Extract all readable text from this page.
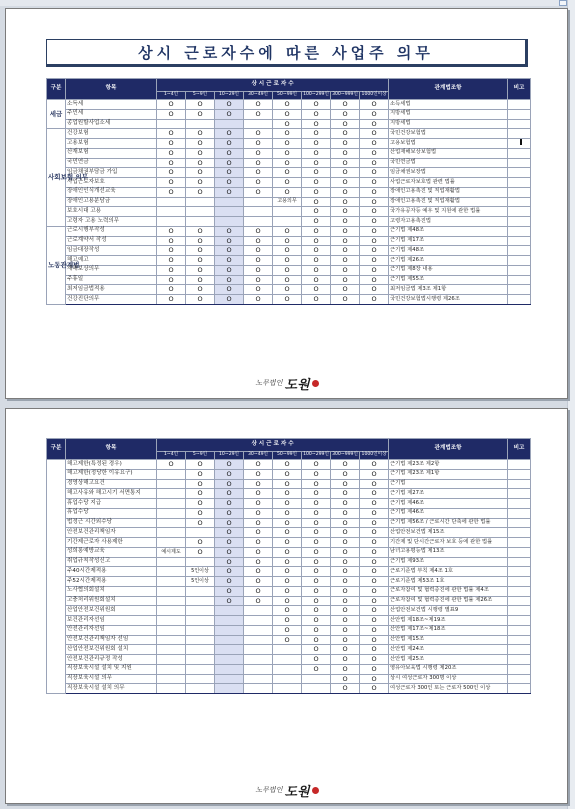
상시 근로자수에 따른 사업주 의무
구분	항목	상 시 근 로 자 수								관계법조항	비고
		1~4인	5~9인	10~29인	30~49인	50~99인	100~299인	300~999인	1000인이상		
세금	소득세	O	O	O	O	O	O	O	O	소득세법	
	주민세	O	O	O	O	O	O	O	O	지방세법	
	종업원할사업소세					O	O	O	O	지방세법	
사회보험 의무	건강보험	O	O	O	O	O	O	O	O	국민건강보험법	
	고용보험	O	O	O	O	O	O	O	O	고용보험법	
	산재보험	O	O	O	O	O	O	O	O	산업재해보상보험법	
	국민연금	O	O	O	O	O	O	O	O	국민연금법	
	임금채권부담금 가입	O	O	O	O	O	O	O	O	임금채권보장법	
	사업근로자보호	O	O	O	O	O	O	O	O	사업근로자보호법 관련 법률	
	장애인인식개선교육	O	O	O	O	O	O	O	O	장애인고용촉진 및 직업재활법	
	장애인고용분담금					고용의무	O	O	O	장애인고용촉진 및 직업재활법	
	보호시대 고용						O	O	O	국가유공자등 예우 및 지원에 관한 법률	
	고령자 고용 노력의무						O	O	O	고령자고용촉진법	
노동관계법	근로시행부작성	O	O	O	O	O	O	O	O	근기법 제48조	
	근로계약서 작성	O	O	O	O	O	O	O	O	근기법 제17조	
	임금대장작성	O	O	O	O	O	O	O	O	근기법 제48조	
	해고예고	O	O	O	O	O	O	O	O	근기법 제26조	
	재해보상의무	O	O	O	O	O	O	O	O	근기법 제8장 내용	
	주휴일	O	O	O	O	O	O	O	O	근기법 제55조	
	최저임금법적용	O	O	O	O	O	O	O	O	최저임금법 제3조 제1항	
	건강진단의무	O	O	O	O	O	O	O	O	국민건강보험법시행령 제26조	
노무법인 도원
구분	항목	상 시 근 로 자 수								관계법조항	비고
		1~4인	5~9인	10~29인	30~49인	50~99인	100~299인	300~999인	1000인이상		
	해고제한(특정된 경우)	O	O	O	O	O	O	O	O	근기법 제23조 제2항	
	해고제한(정당한 이유요구)		O	O	O	O	O	O	O	근기법 제23조 제1항	
	경영상해고요건		O	O	O	O	O	O	O	근기법	
	해고사유와 해고시기 서면통지		O	O	O	O	O	O	O	근기법 제27조	
	휴업수당 지급		O	O	O	O	O	O	O	근기법 제46조	
	휴업수당		O	O	O	O	O	O	O	근기법 제46조	
	법정근 시간외수당		O	O	O	O	O	O	O	근기법 제56조 / 근로시간 단축에 관한 법률	
	안전보건관리책임자			O	O	O	O	O	O	산업안전보건법 제15조	
	기간제근로자 사용제한		O	O	O	O	O	O	O	기간제 및 단시간근로자 보호 등에 관한 법률	
	성희롱예방교육	예시제도	O	O	O	O	O	O	O	남녀고용평등법 제13조	
	취업규칙작성신고			O	O	O	O	O	O	근기법 제93조	
	주40시간제적용		5인이상	O	O	O	O	O	O	근로기준법 부칙 제4조 1호	
	주52시간제적용		5인이상	O	O	O	O	O	O	근로기준법 제53조 1호	
	노사협의회설치			O	O	O	O	O	O	근로자참여 및 협력증진에 관한 법률 제4조	
	고충처리위원회설치			O	O	O	O	O	O	근로자참여 및 협력증진에 관한 법률 제26조	
	산업안전보건위원회					O	O	O	O	산업안전보건법 시행령 별표9	
	보건관리자선임					O	O	O	O	산안법 제18조~제19조	
	안전관리자선임					O	O	O	O	산안법 제17조~제18조	
	안전보건관리책임자 선임					O	O	O	O	산안법 제15조	
	산업안전보건위원회 설치						O	O	O	산안법 제24조	
	안전보건관리규정 작성						O	O	O	산안법 제25조	
	직장보육시설 설치 및 지원						O	O	O	영유아보육법 시행령 제20조	
	직장보육시설 의무							O	O	상시 여성근로자 300명 이상	
	직장보육시설 설치 의무							O	O	여성근로자 300인 또는 근로자 500인 이상	
노무법인 도원
